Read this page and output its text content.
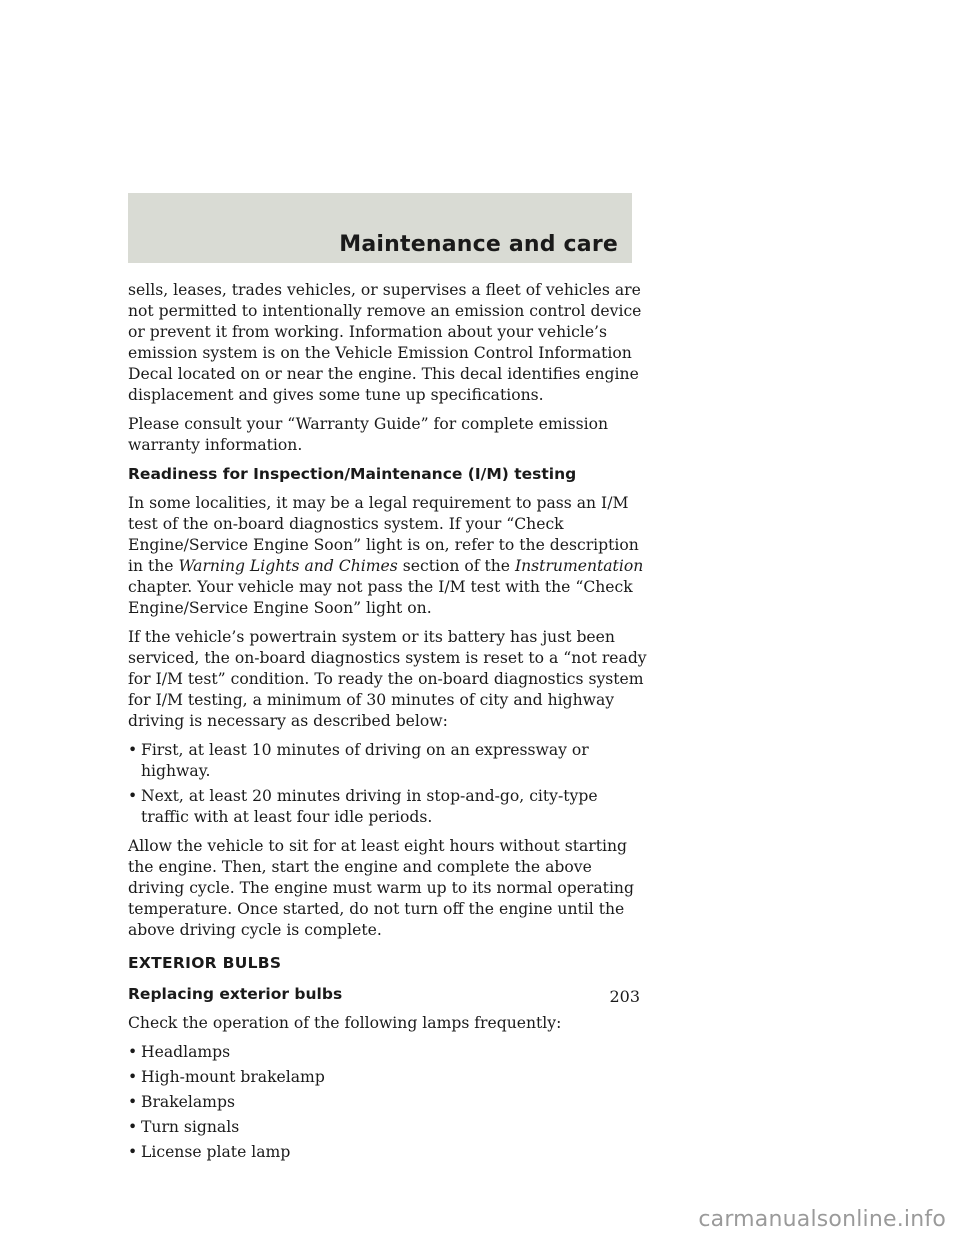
Maintenance and care

sells, leases, trades vehicles, or supervises a fleet of vehicles are not permitted to intentionally remove an emission control device or prevent it from working. Information about your vehicle’s emission system is on the Vehicle Emission Control Information Decal located on or near the engine. This decal identifies engine displacement and gives some tune up specifications.

Please consult your “Warranty Guide” for complete emission warranty information.

Readiness for Inspection/Maintenance (I/M) testing

In some localities, it may be a legal requirement to pass an I/M test of the on-board diagnostics system. If your “Check Engine/Service Engine Soon” light is on, refer to the description in the Warning Lights and Chimes section of the Instrumentation chapter. Your vehicle may not pass the I/M test with the “Check Engine/Service Engine Soon” light on.

If the vehicle’s powertrain system or its battery has just been serviced, the on-board diagnostics system is reset to a “not ready for I/M test” condition. To ready the on-board diagnostics system for I/M testing, a minimum of 30 minutes of city and highway driving is necessary as described below:

• First, at least 10 minutes of driving on an expressway or highway.
• Next, at least 20 minutes driving in stop-and-go, city-type traffic with at least four idle periods.

Allow the vehicle to sit for at least eight hours without starting the engine. Then, start the engine and complete the above driving cycle. The engine must warm up to its normal operating temperature. Once started, do not turn off the engine until the above driving cycle is complete.

EXTERIOR BULBS
Replacing exterior bulbs

Check the operation of the following lamps frequently:

• Headlamps
• High-mount brakelamp
• Brakelamps
• Turn signals
• License plate lamp
203
carmanualsonline.info
